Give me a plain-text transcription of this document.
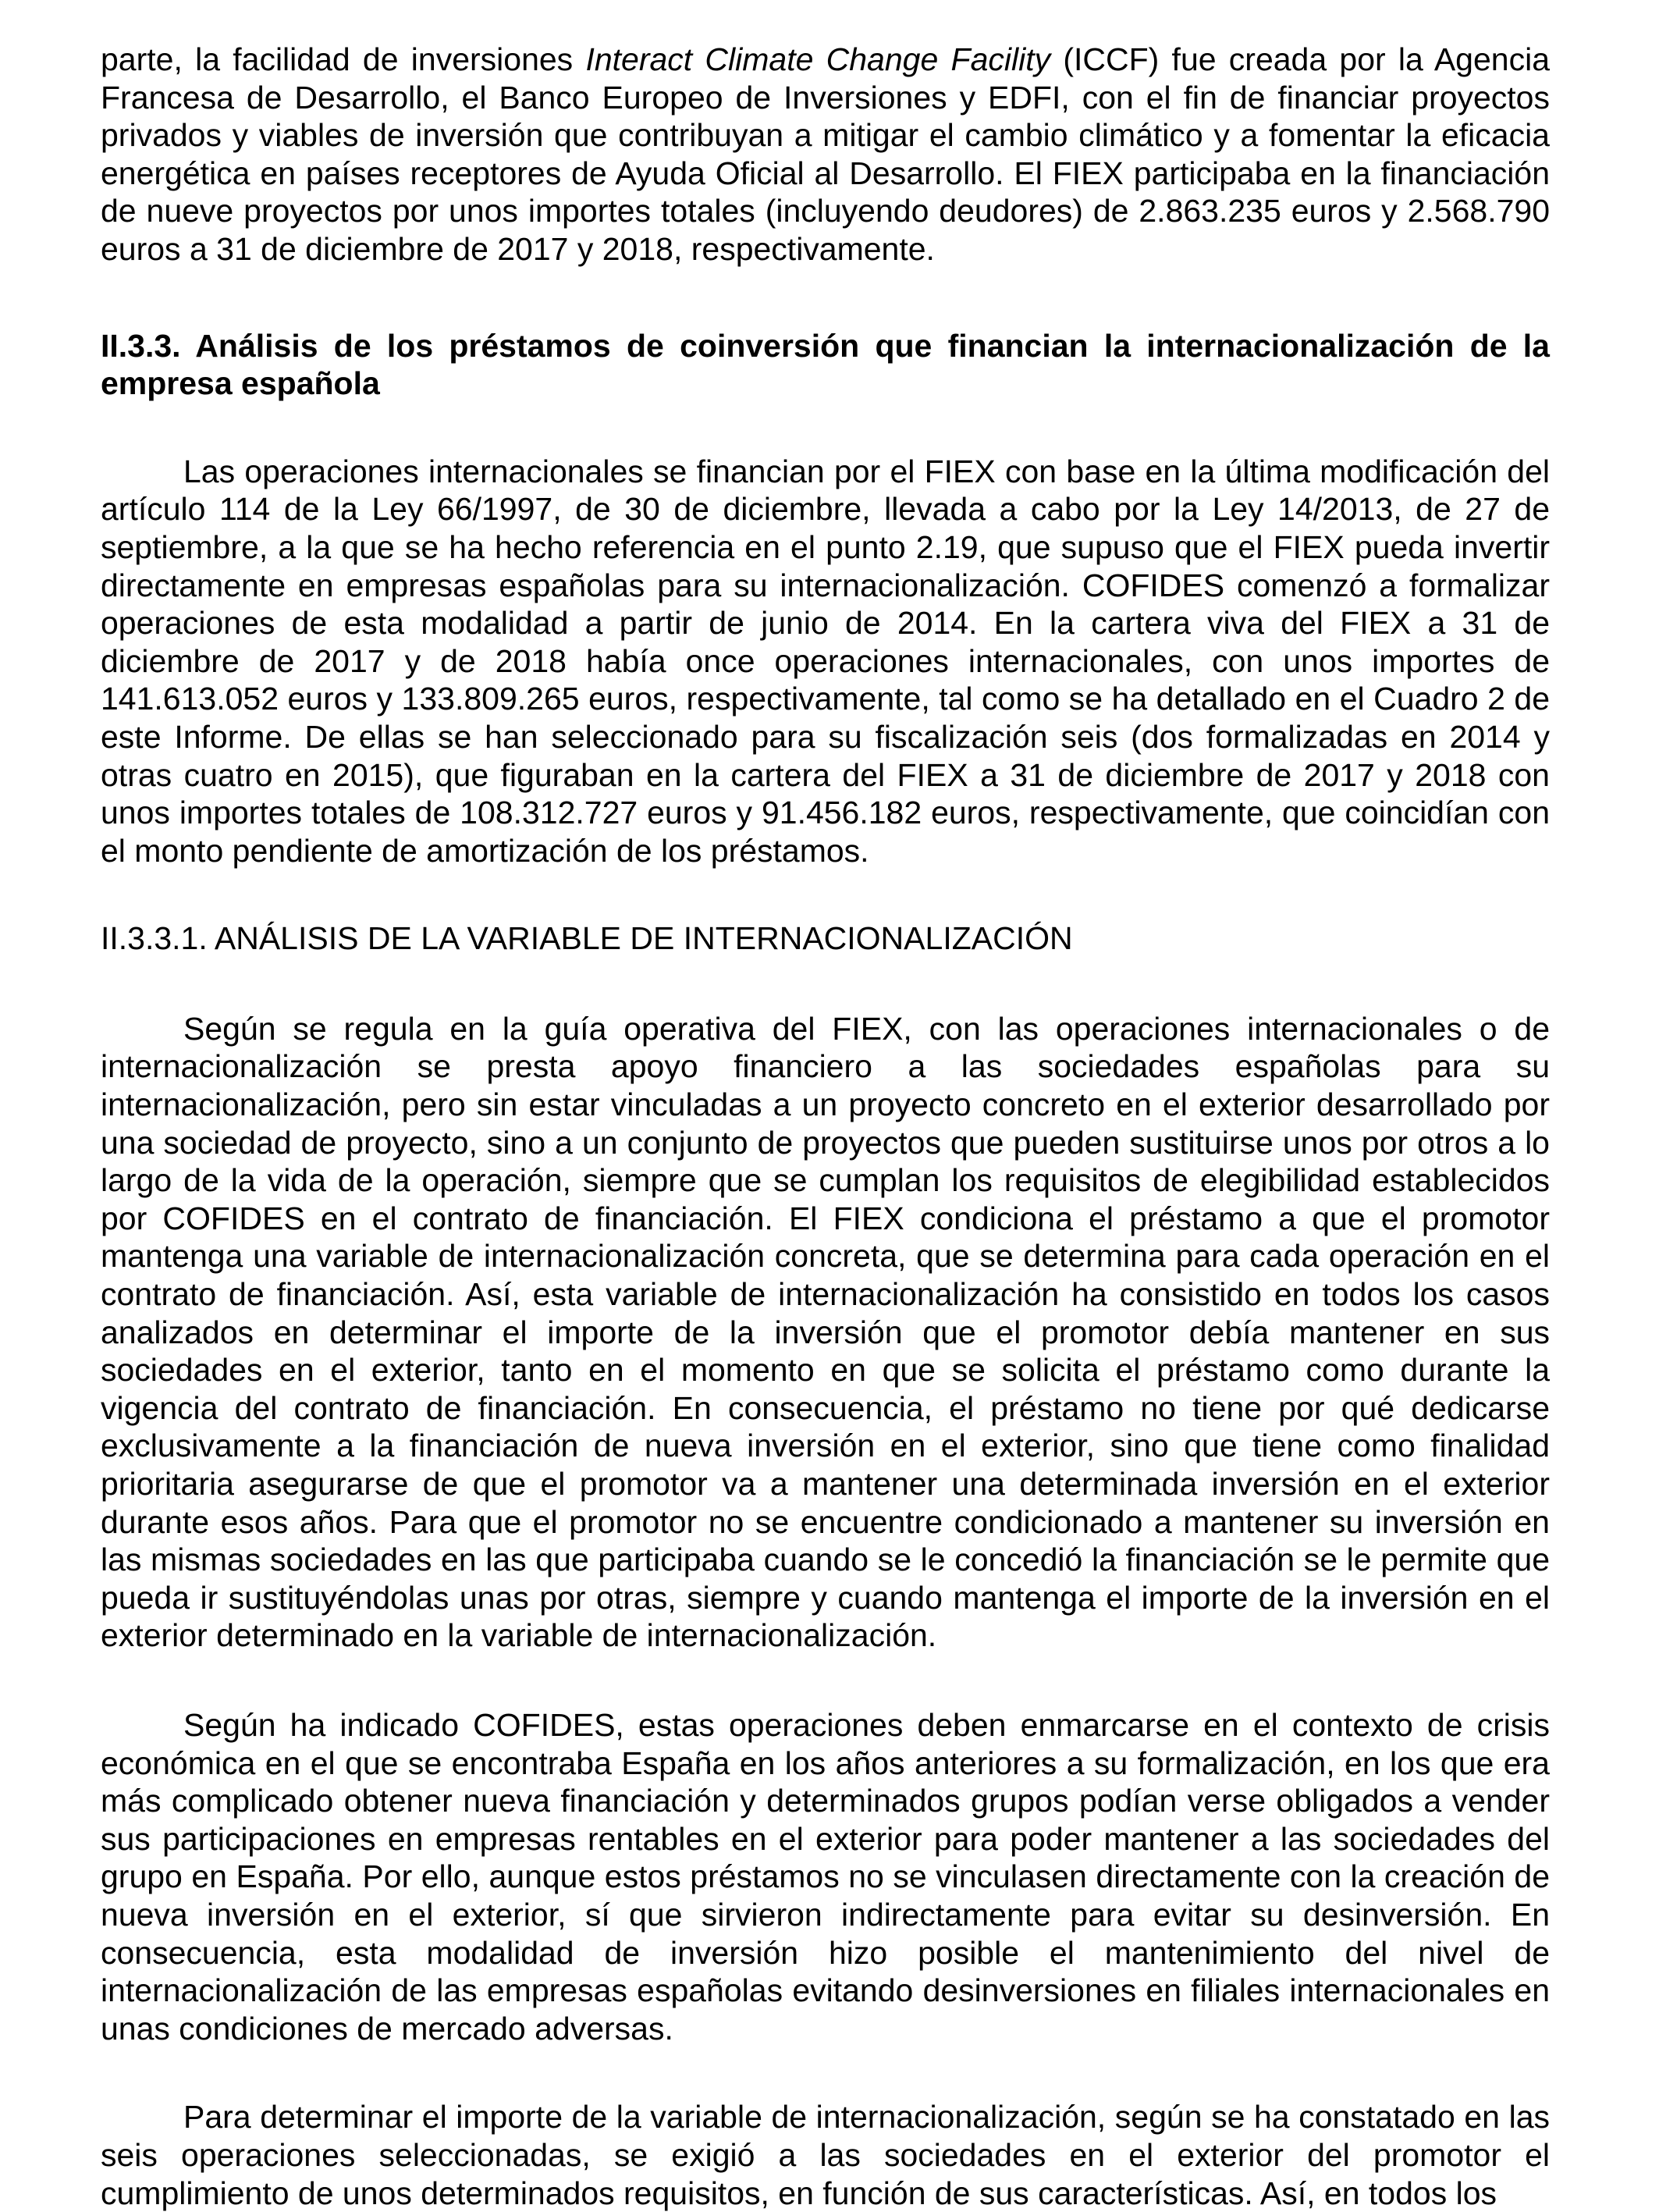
parte, la facilidad de inversiones Interact Climate Change Facility (ICCF) fue creada por la Agencia Francesa de Desarrollo, el Banco Europeo de Inversiones y EDFI, con el fin de financiar proyectos privados y viables de inversión que contribuyan a mitigar el cambio climático y a fomentar la eficacia energética en países receptores de Ayuda Oficial al Desarrollo. El FIEX participaba en la financiación de nueve proyectos por unos importes totales (incluyendo deudores) de 2.863.235 euros y 2.568.790 euros a 31 de diciembre de 2017 y 2018, respectivamente.

II.3.3. Análisis de los préstamos de coinversión que financian la internacionalización de la empresa española

Las operaciones internacionales se financian por el FIEX con base en la última modificación del artículo 114 de la Ley 66/1997, de 30 de diciembre, llevada a cabo por la Ley 14/2013, de 27 de septiembre, a la que se ha hecho referencia en el punto 2.19, que supuso que el FIEX pueda invertir directamente en empresas españolas para su internacionalización. COFIDES comenzó a formalizar operaciones de esta modalidad a partir de junio de 2014. En la cartera viva del FIEX a 31 de diciembre de 2017 y de 2018 había once operaciones internacionales, con unos importes de 141.613.052 euros y 133.809.265 euros, respectivamente, tal como se ha detallado en el Cuadro 2 de este Informe. De ellas se han seleccionado para su fiscalización seis (dos formalizadas en 2014 y otras cuatro en 2015), que figuraban en la cartera del FIEX a 31 de diciembre de 2017 y 2018 con unos importes totales de 108.312.727 euros y 91.456.182 euros, respectivamente, que coincidían con el monto pendiente de amortización de los préstamos.

II.3.3.1. ANÁLISIS DE LA VARIABLE DE INTERNACIONALIZACIÓN

Según se regula en la guía operativa del FIEX, con las operaciones internacionales o de internacionalización se presta apoyo financiero a las sociedades españolas para su internacionalización, pero sin estar vinculadas a un proyecto concreto en el exterior desarrollado por una sociedad de proyecto, sino a un conjunto de proyectos que pueden sustituirse unos por otros a lo largo de la vida de la operación, siempre que se cumplan los requisitos de elegibilidad establecidos por COFIDES en el contrato de financiación. El FIEX condiciona el préstamo a que el promotor mantenga una variable de internacionalización concreta, que se determina para cada operación en el contrato de financiación. Así, esta variable de internacionalización ha consistido en todos los casos analizados en determinar el importe de la inversión que el promotor debía mantener en sus sociedades en el exterior, tanto en el momento en que se solicita el préstamo como durante la vigencia del contrato de financiación. En consecuencia, el préstamo no tiene por qué dedicarse exclusivamente a la financiación de nueva inversión en el exterior, sino que tiene como finalidad prioritaria asegurarse de que el promotor va a mantener una determinada inversión en el exterior durante esos años. Para que el promotor no se encuentre condicionado a mantener su inversión en las mismas sociedades en las que participaba cuando se le concedió la financiación se le permite que pueda ir sustituyéndolas unas por otras, siempre y cuando mantenga el importe de la inversión en el exterior determinado en la variable de internacionalización.

Según ha indicado COFIDES, estas operaciones deben enmarcarse en el contexto de crisis económica en el que se encontraba España en los años anteriores a su formalización, en los que era más complicado obtener nueva financiación y determinados grupos podían verse obligados a vender sus participaciones en empresas rentables en el exterior para poder mantener a las sociedades del grupo en España. Por ello, aunque estos préstamos no se vinculasen directamente con la creación de nueva inversión en el exterior, sí que sirvieron indirectamente para evitar su desinversión. En consecuencia, esta modalidad de inversión hizo posible el mantenimiento del nivel de internacionalización de las empresas españolas evitando desinversiones en filiales internacionales en unas condiciones de mercado adversas.

Para determinar el importe de la variable de internacionalización, según se ha constatado en las seis operaciones seleccionadas, se exigió a las sociedades en el exterior del promotor el cumplimiento de unos determinados requisitos, en función de sus características. Así, en todos los
